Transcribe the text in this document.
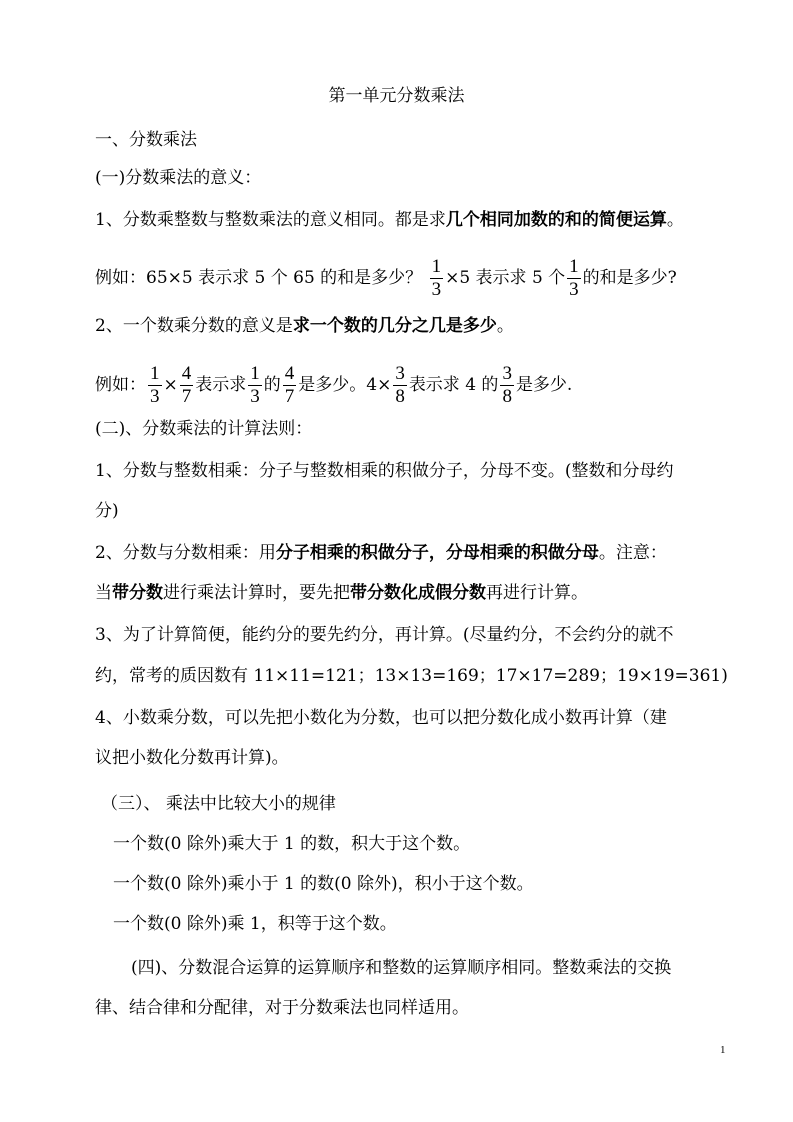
第一单元分数乘法
一、分数乘法
(一)分数乘法的意义：
1、分数乘整数与整数乘法的意义相同。都是求几个相同加数的和的简便运算。
例如：65×5 表示求 5 个 65 的和是多少？ $\frac{1}{3} \times 5$ 表示求 5 个 $\frac{1}{3}$ 的和是多少?
2、一个数乘分数的意义是求一个数的几分之几是多少。
例如： $\frac{1}{3} \times \frac{4}{7}$ 表示求 $\frac{1}{3}$ 的 $\frac{4}{7}$ 是多少。$4\times \frac{3}{8}$ 表示求 4 的 $\frac{3}{8}$ 是多少.
(二)、分数乘法的计算法则：
1、分数与整数相乘：分子与整数相乘的积做分子，分母不变。(整数和分母约
分)
2、分数与分数相乘：用分子相乘的积做分子，分母相乘的积做分母。注意：
当带分数进行乘法计算时，要先把带分数化成假分数再进行计算。
3、为了计算简便，能约分的要先约分，再计算。(尽量约分，不会约分的就不
约，常考的质因数有 11×11=121；13×13=169；17×17=289；19×19=361)
4、小数乘分数，可以先把小数化为分数，也可以把分数化成小数再计算（建
议把小数化分数再计算)。
（三）、 乘法中比较大小的规律
一个数(0 除外)乘大于 1 的数，积大于这个数。
一个数(0 除外)乘小于 1 的数(0 除外)，积小于这个数。
一个数(0 除外)乘 1，积等于这个数。
(四)、分数混合运算的运算顺序和整数的运算顺序相同。整数乘法的交换
律、结合律和分配律，对于分数乘法也同样适用。
1
